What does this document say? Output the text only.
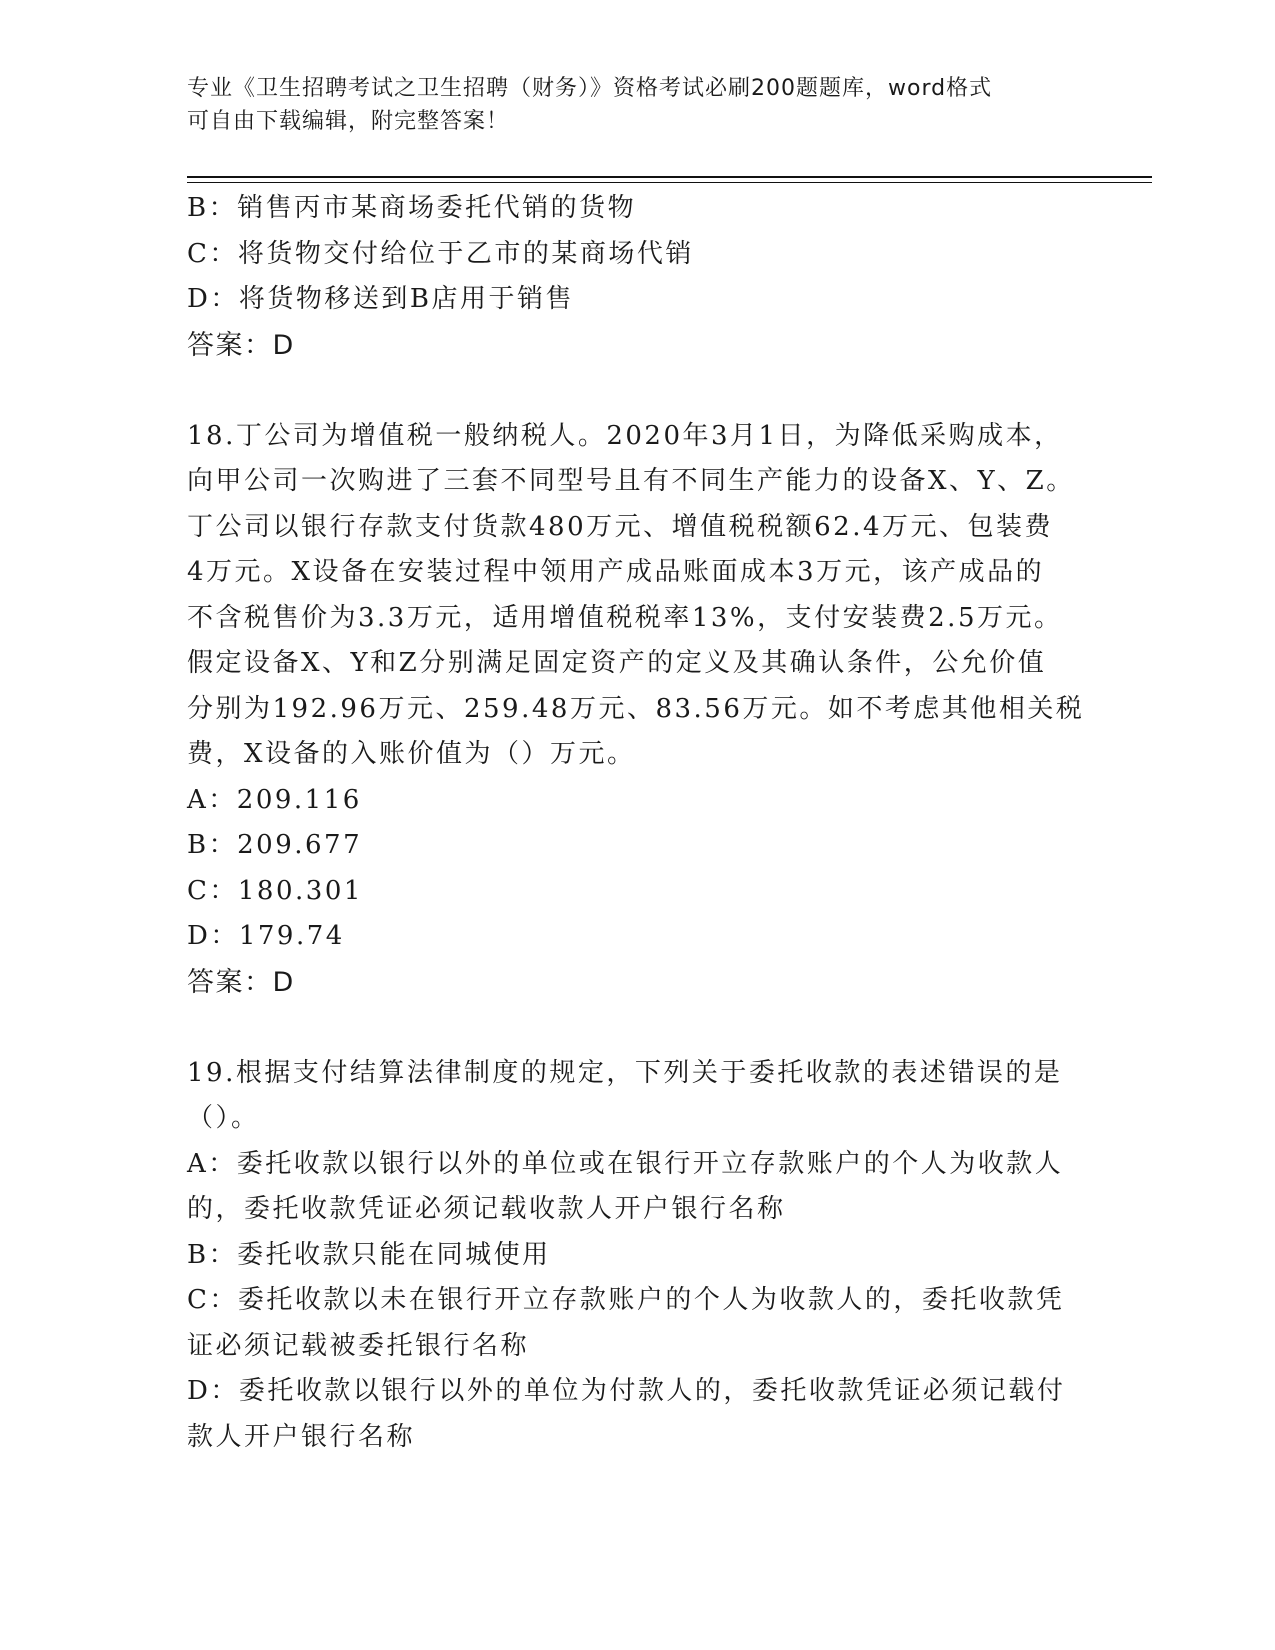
专业《卫生招聘考试之卫生招聘（财务）》资格考试必刷200题题库，word格式
可自由下载编辑，附完整答案！

B：销售丙市某商场委托代销的货物

C：将货物交付给位于乙市的某商场代销

D：将货物移送到B店用于销售

答案：D

18.丁公司为增值税一般纳税人。2020年3月1日，为降低采购成本，

向甲公司一次购进了三套不同型号且有不同生产能力的设备X、Y、Z。

丁公司以银行存款支付货款480万元、增值税税额62.4万元、包装费

4万元。X设备在安装过程中领用产成品账面成本3万元，该产成品的

不含税售价为3.3万元，适用增值税税率13%，支付安装费2.5万元。

假定设备X、Y和Z分别满足固定资产的定义及其确认条件，公允价值

分别为192.96万元、259.48万元、83.56万元。如不考虑其他相关税

费，X设备的入账价值为（）万元。

A：209.116

B：209.677

C：180.301

D：179.74

答案：D

19.根据支付结算法律制度的规定，下列关于委托收款的表述错误的是

（）。

A：委托收款以银行以外的单位或在银行开立存款账户的个人为收款人

的，委托收款凭证必须记载收款人开户银行名称

B：委托收款只能在同城使用

C：委托收款以未在银行开立存款账户的个人为收款人的，委托收款凭

证必须记载被委托银行名称

D：委托收款以银行以外的单位为付款人的，委托收款凭证必须记载付

款人开户银行名称
